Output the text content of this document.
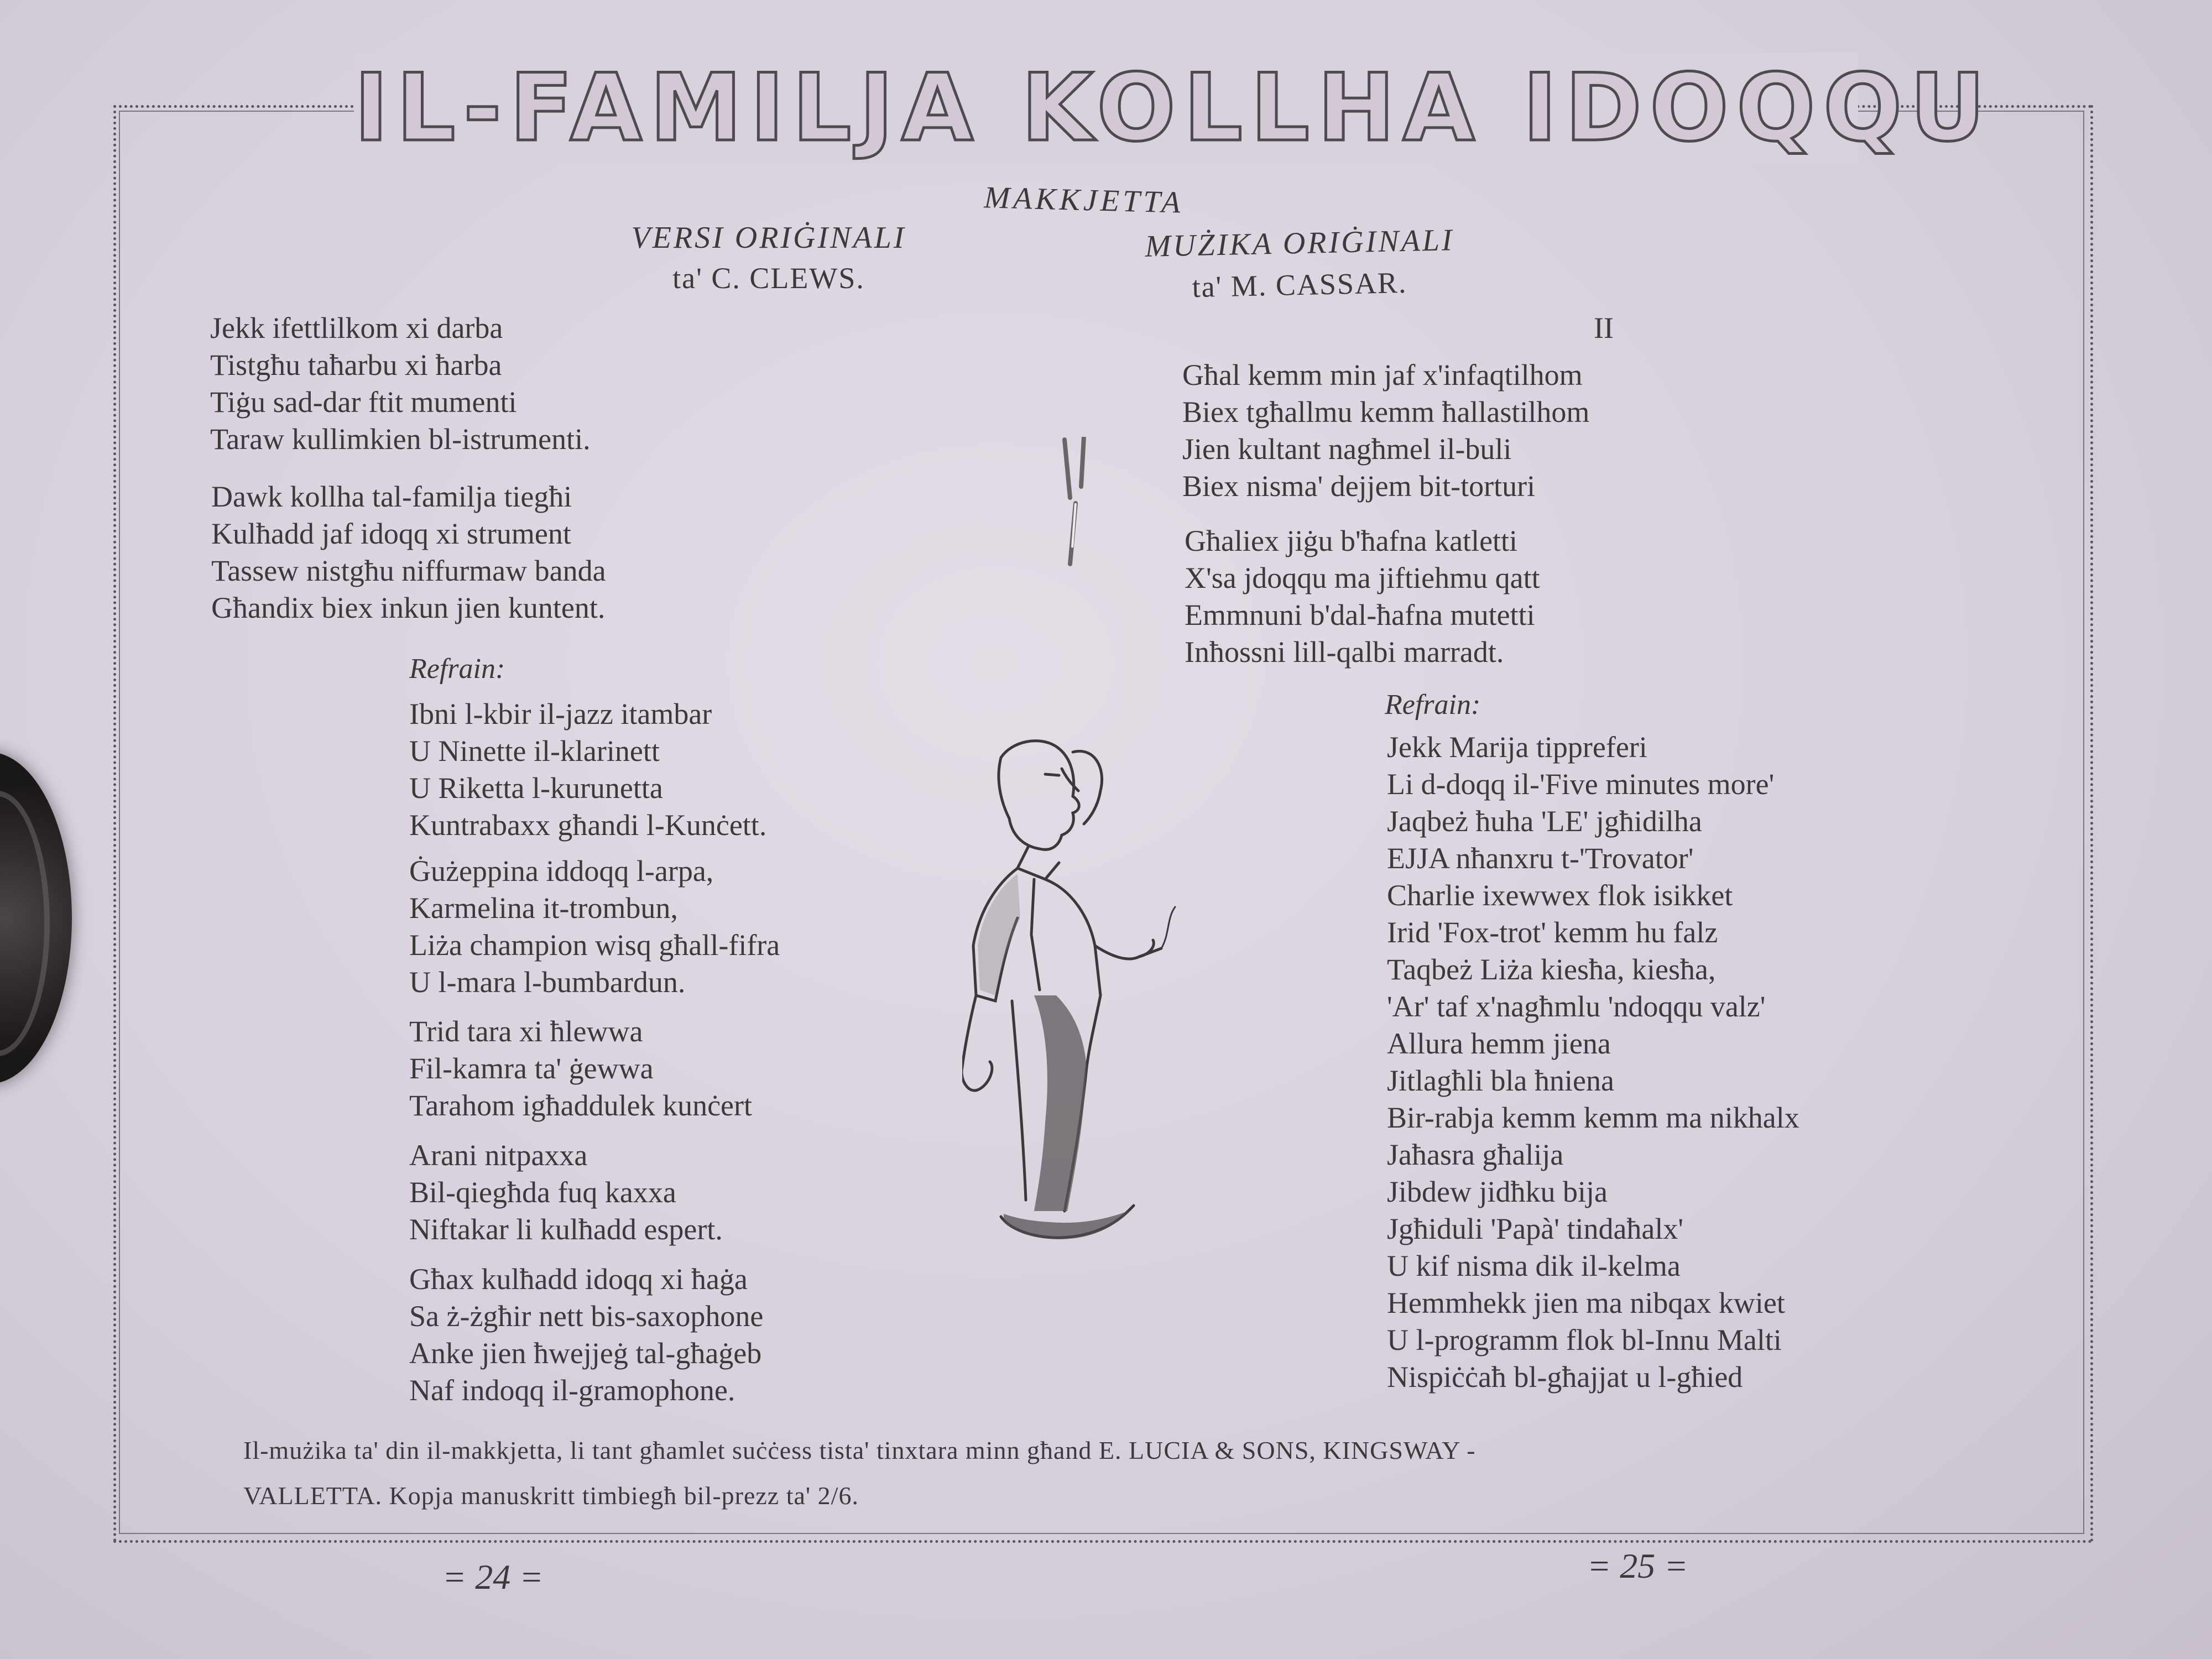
IL-FAMILJA KOLLHA IDOQQU
MAKKJETTA
VERSI ORIĠINALI
ta' C. CLEWS.
MUŻIKA ORIĠINALI
ta' M. CASSAR.
Jekk ifettlilkom xi darba
Tistgħu taħarbu xi ħarba
Tiġu sad-dar ftit mumenti
Taraw kullimkien bl-istrumenti.
Dawk kollha tal-familja tiegħi
Kulħadd jaf idoqq xi strument
Tassew nistgħu niffurmaw banda
Għandix biex inkun jien kuntent.
Refrain:
Ibni l-kbir il-jazz itambar
U Ninette il-klarinett
U Riketta l-kurunetta
Kuntrabaxx għandi l-Kunċett.
Ġużeppina iddoqq l-arpa,
Karmelina it-trombun,
Liża champion wisq għall-fifra
U l-mara l-bumbardun.
Trid tara xi ħlewwa
Fil-kamra ta' ġewwa
Tarahom igħaddulek kunċert
Arani nitpaxxa
Bil-qiegħda fuq kaxxa
Niftakar li kulħadd espert.
Għax kulħadd idoqq xi ħaġa
Sa ż-żgħir nett bis-saxophone
Anke jien ħwejjeġ tal-għaġeb
Naf indoqq il-gramophone.
II
Għal kemm min jaf x'infaqtilhom
Biex tgħallmu kemm ħallastilhom
Jien kultant nagħmel il-buli
Biex nisma' dejjem bit-torturi
Għaliex jiġu b'ħafna katletti
X'sa jdoqqu ma jiftiehmu qatt
Emmnuni b'dal-ħafna mutetti
Inħossni lill-qalbi marradt.
Refrain:
Jekk Marija tippreferi
Li d-doqq il-'Five minutes more'
Jaqbeż ħuha 'LE' jgħidilha
EJJA nħanxru t-'Trovator'
Charlie ixewwex flok isikket
Irid 'Fox-trot' kemm hu falz
Taqbeż Liża kiesħa, kiesħa,
'Ar' taf x'nagħmlu 'ndoqqu valz'
Allura hemm jiena
Jitlagħli bla ħniena
Bir-rabja kemm kemm ma nikhalx
Jaħasra għalija
Jibdew jidħku bija
Jgħiduli 'Papà' tindaħalx'
U kif nisma dik il-kelma
Hemmhekk jien ma nibqax kwiet
U l-programm flok bl-Innu Malti
Nispiċċaħ bl-għajjat u l-għied
Il-mużika ta' din il-makkjetta, li tant għamlet suċċess tista' tinxtara minn għand E. LUCIA & SONS, KINGSWAY -
VALLETTA. Kopja manuskritt timbiegħ bil-prezz ta' 2/6.
= 24 =	= 25 =
